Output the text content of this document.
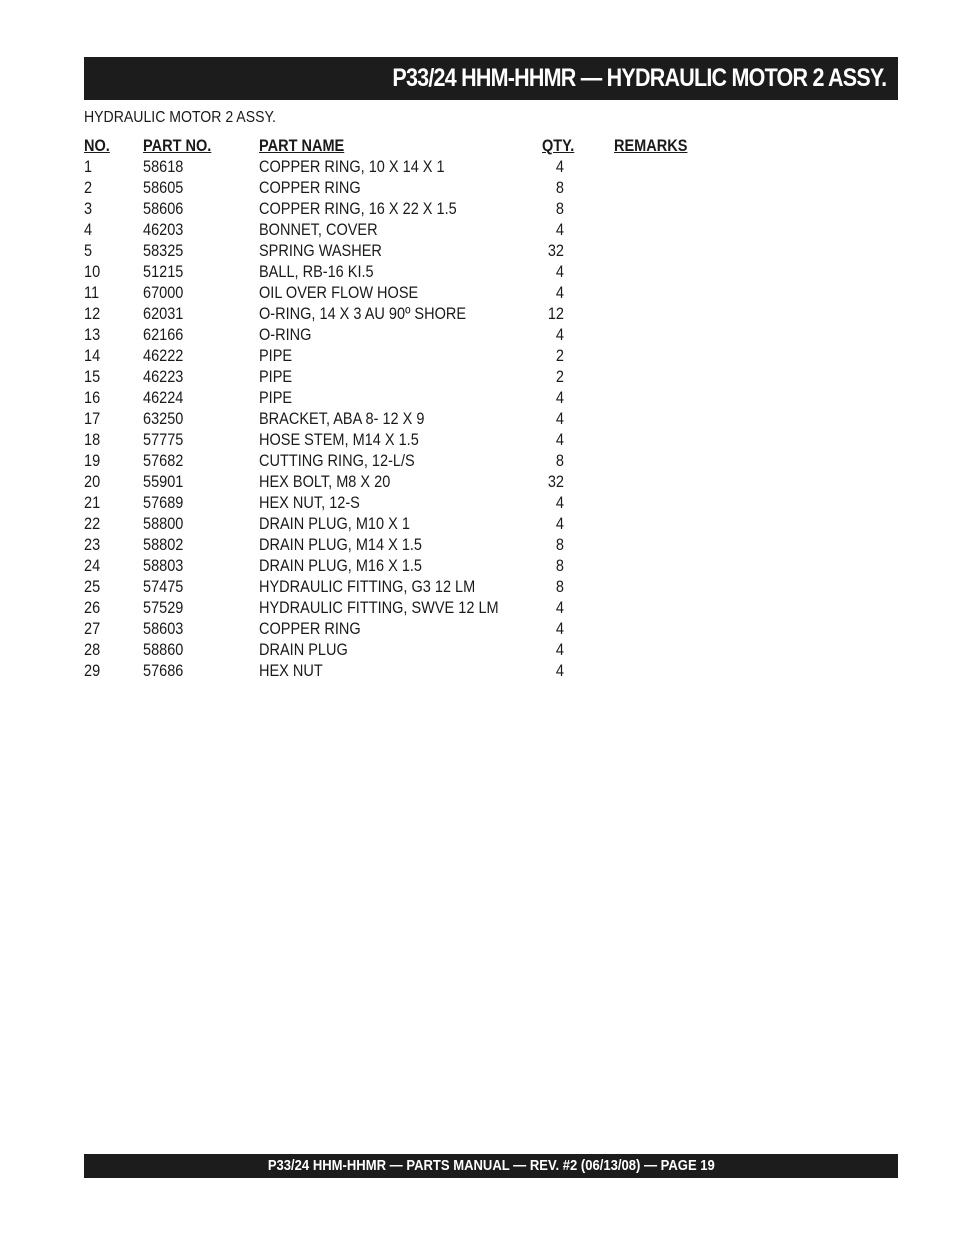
P33/24 HHM-HHMR — HYDRAULIC MOTOR 2 ASSY.
HYDRAULIC MOTOR 2 ASSY.
NO. PART NO.	PART NAME	QTY. REMARKS
1	58618	COPPER RING, 10 X 14 X 1	4
2	58605	COPPER RING	8
3	58606	COPPER RING, 16 X 22 X 1.5	8
4	46203	BONNET, COVER	4
5	58325	SPRING WASHER	32
10	51215	BALL, RB-16 KI.5	4
11	67000	OIL OVER FLOW HOSE	4
12	62031	O-RING, 14 X 3 AU 90º SHORE	12
13	62166	O-RING	4
14	46222	PIPE	2
15	46223	PIPE	2
16	46224	PIPE	4
17	63250	BRACKET, ABA 8- 12 X 9	4
18	57775	HOSE STEM, M14 X 1.5	4
19	57682	CUTTING RING, 12-L/S	8
20	55901	HEX BOLT, M8 X 20	32
21	57689	HEX NUT, 12-S	4
22	58800	DRAIN PLUG, M10 X 1	4
23	58802	DRAIN PLUG, M14 X 1.5	8
24	58803	DRAIN PLUG, M16 X 1.5	8
25	57475	HYDRAULIC FITTING, G3 12 LM	8
26	57529	HYDRAULIC FITTING, SWVE 12 LM	4
27	58603	COPPER RING	4
28	58860	DRAIN PLUG	4
29	57686	HEX NUT	4
P33/24 HHM-HHMR — PARTS MANUAL — REV. #2 (06/13/08) — PAGE 19
